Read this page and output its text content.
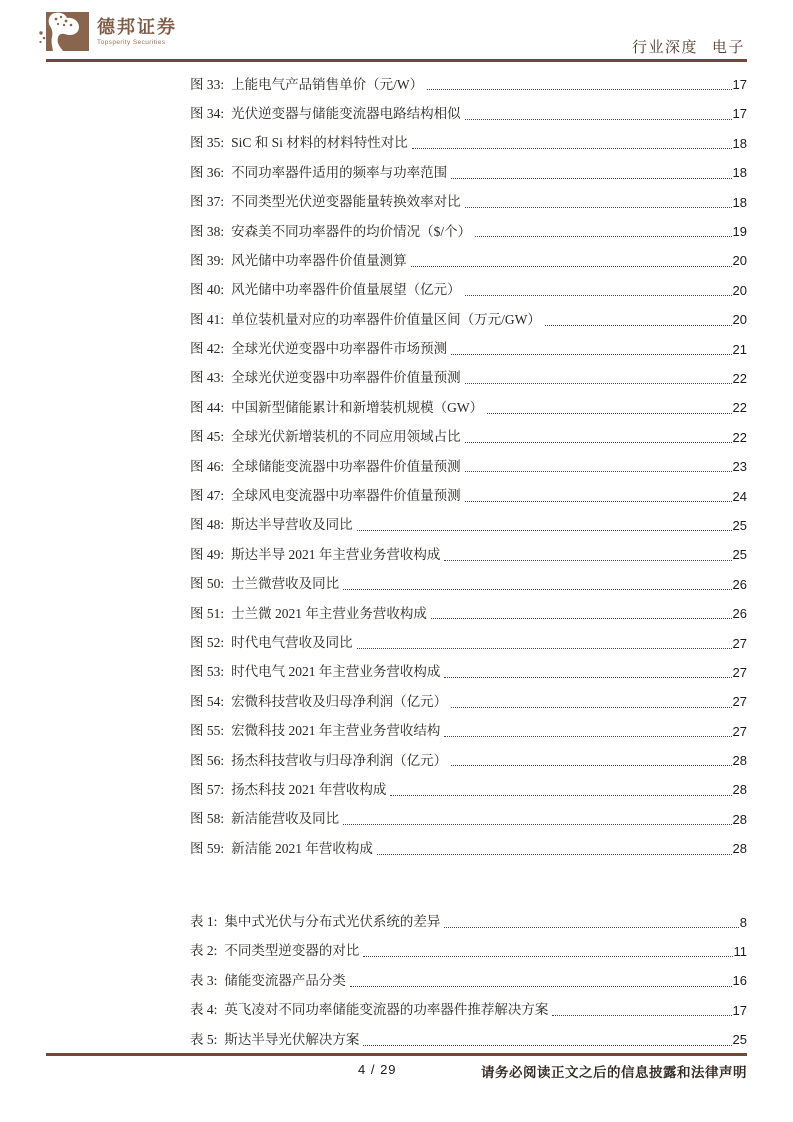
德邦证券
Topsperity Securities	行业深度 电子
图 33: 上能电气产品销售单价（元/W）	17
图 34: 光伏逆变器与储能变流器电路结构相似	17
图 35: SiC 和 Si 材料的材料特性对比	18
图 36: 不同功率器件适用的频率与功率范围	18
图 37: 不同类型光伏逆变器能量转换效率对比	18
图 38: 安森美不同功率器件的均价情况（$/个）	19
图 39: 风光储中功率器件价值量测算	20
图 40: 风光储中功率器件价值量展望（亿元）	20
图 41: 单位装机量对应的功率器件价值量区间（万元/GW）	20
图 42: 全球光伏逆变器中功率器件市场预测	21
图 43: 全球光伏逆变器中功率器件价值量预测	22
图 44: 中国新型储能累计和新增装机规模（GW）	22
图 45: 全球光伏新增装机的不同应用领域占比	22
图 46: 全球储能变流器中功率器件价值量预测	23
图 47: 全球风电变流器中功率器件价值量预测	24
图 48: 斯达半导营收及同比	25
图 49: 斯达半导 2021 年主营业务营收构成	25
图 50: 士兰微营收及同比	26
图 51: 士兰微 2021 年主营业务营收构成	26
图 52: 时代电气营收及同比	27
图 53: 时代电气 2021 年主营业务营收构成	27
图 54: 宏微科技营收及归母净利润（亿元）	27
图 55: 宏微科技 2021 年主营业务营收结构	27
图 56: 扬杰科技营收与归母净利润（亿元）	28
图 57: 扬杰科技 2021 年营收构成	28
图 58: 新洁能营收及同比	28
图 59: 新洁能 2021 年营收构成	28
表 1: 集中式光伏与分布式光伏系统的差异	8
表 2: 不同类型逆变器的对比	11
表 3: 储能变流器产品分类	16
表 4: 英飞凌对不同功率储能变流器的功率器件推荐解决方案	17
表 5: 斯达半导光伏解决方案	25
4 / 29	请务必阅读正文之后的信息披露和法律声明
